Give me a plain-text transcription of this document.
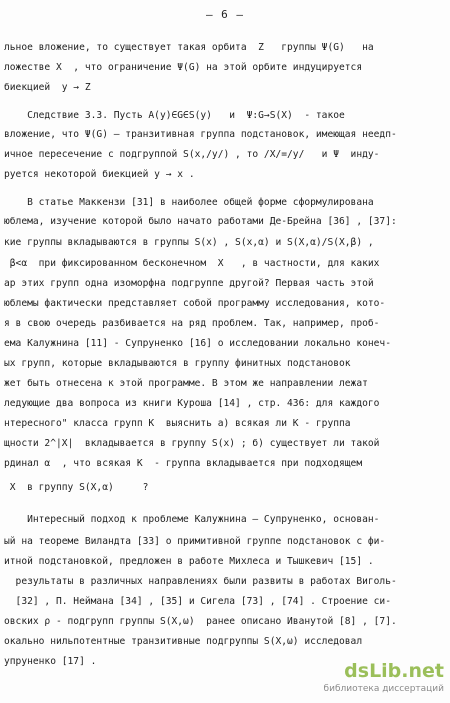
– 6 –
льное вложение, то существует такая орбита  Z   группы Ψ(G)   на
ложестве X  , что ограничение Ψ(G) на этой орбите индуцируется
биекцией  y → Z
Следствие 3.3. Пусть A(y)∈G∈S(y)   и  Ψ:G→S(X)  - такое
вложение, что Ψ(G) – транзитивная группа подстановок, имеющая неедп-
ичное пересечение с подгруппой S(x,/y/) , то /X/=/y/   и Ψ  инду-
руется некоторой биекцией y → x .
В статье Маккензи [31] в наиболее общей форме сформулирована
юблема, изучение которой было начато работами Де-Брейна [36] , [37]:
кие группы вкладываются в группы S(x) , S(x,α) и S(X,α)/S(X,β) ,
β<α  при фиксированном бесконечном  X   , в частности, для каких
ар этих групп одна изоморфна подгруппе другой? Первая часть этой
юблемы фактически представляет собой программу исследования, кото-
я в свою очередь разбивается на ряд проблем. Так, например, проб-
ема Калужнина [11] - Супруненко [16] о исследовании локально конеч-
ых групп, которые вкладываются в группу финитных подстановок
жет быть отнесена к этой программе. В этом же направлении лежат
ледующие два вопроса из книги Куроша [14] , стр. 436: для каждого
нтересного" класса групп K  выяснить а) всякая ли K - группа
щности 2^|X|  вкладывается в группу S(x) ; б) существует ли такой
рдинал α  , что всякая K  - группа вкладывается при подходящем
X  в группу S(X,α)     ?
Интересный подход к проблеме Калужнина – Супруненко, основан-
ый на теореме Виландта [33] о примитивной группе подстановок с фи-
итной подстановкой, предложен в работе Михлеса и Тышкевич [15] .
результаты в различных направлениях были развиты в работах Виголь-
[32] , П. Неймана [34] , [35] и Сигела [73] , [74] . Строение си-
овских ρ - подгрупп группы S(X,ω)  ранее описано Иванутой [8] , [7].
окально нильпотентные транзитивные подгруппы S(X,ω) исследовал
упруненко [17] .	dsLib.net
библиотека диссертаций
